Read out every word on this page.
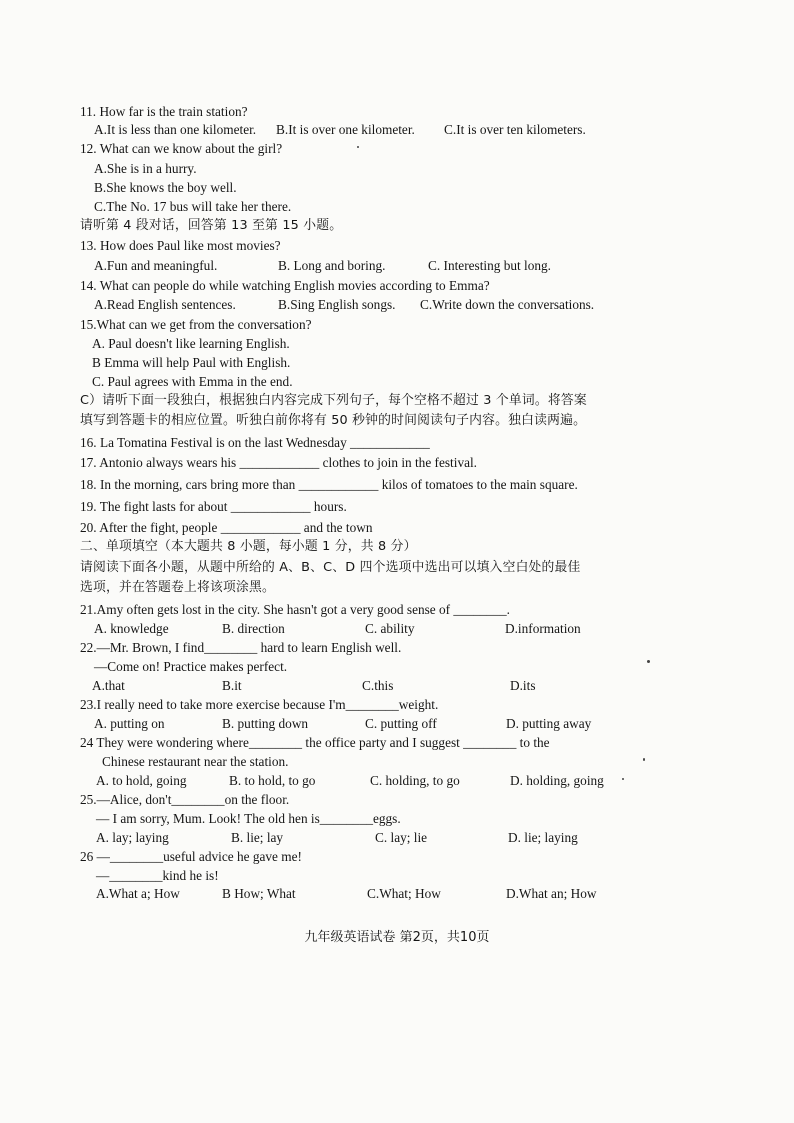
11. How far is the train station?
A.It is less than one kilometer. B.It is over one kilometer. C.It is over ten kilometers.
12. What can we know about the girl?
A.She is in a hurry.
B.She knows the boy well.
C.The No. 17 bus will take her there.
请听第 4 段对话，回答第 13 至第 15 小题。
13. How does Paul like most movies?
A.Fun and meaningful.	B. Long and boring.	C. Interesting but long.
14. What can people do while watching English movies according to Emma?
A.Read English sentences.	B.Sing English songs. C.Write down the conversations.
15.What can we get from the conversation?
A. Paul doesn't like learning English.
B Emma will help Paul with English.
C. Paul agrees with Emma in the end.
C）请听下面一段独白，根据独白内容完成下列句子，每个空格不超过 3 个单词。将答案
填写到答题卡的相应位置。听独白前你将有 50 秒钟的时间阅读句子内容。独白读两遍。
16. La Tomatina Festival is on the last Wednesday ____________
17. Antonio always wears his ____________ clothes to join in the festival.
18. In the morning, cars bring more than ____________ kilos of tomatoes to the main square.
19. The fight lasts for about ____________ hours.
20. After the fight, people ____________ and the town
二、单项填空（本大题共 8 小题，每小题 1 分，共 8 分）
请阅读下面各小题，从题中所给的 A、B、C、D 四个选项中选出可以填入空白处的最佳
选项，并在答题卷上将该项涂黑。
21.Amy often gets lost in the city. She hasn't got a very good sense of ________.
A. knowledge	B. direction	C. ability	D.information
22.—Mr. Brown, I find________ hard to learn English well.
—Come on! Practice makes perfect.
A.that	B.it	C.this	D.its
23.I really need to take more exercise because I'm________weight.
A. putting on	B. putting down	C. putting off	D. putting away
24 They were wondering where________ the office party and I suggest ________ to the
Chinese restaurant near the station.
A. to hold, going	B. to hold, to go	C. holding, to go	D. holding, going
25.—Alice, don't________on the floor.
— I am sorry, Mum. Look! The old hen is________eggs.
A. lay; laying	B. lie; lay	C. lay; lie	D. lie; laying
26 —________useful advice he gave me!
—________kind he is!
A.What a; How	B How; What	C.What; How	D.What an; How
九年级英语试卷 第2页，共10页
